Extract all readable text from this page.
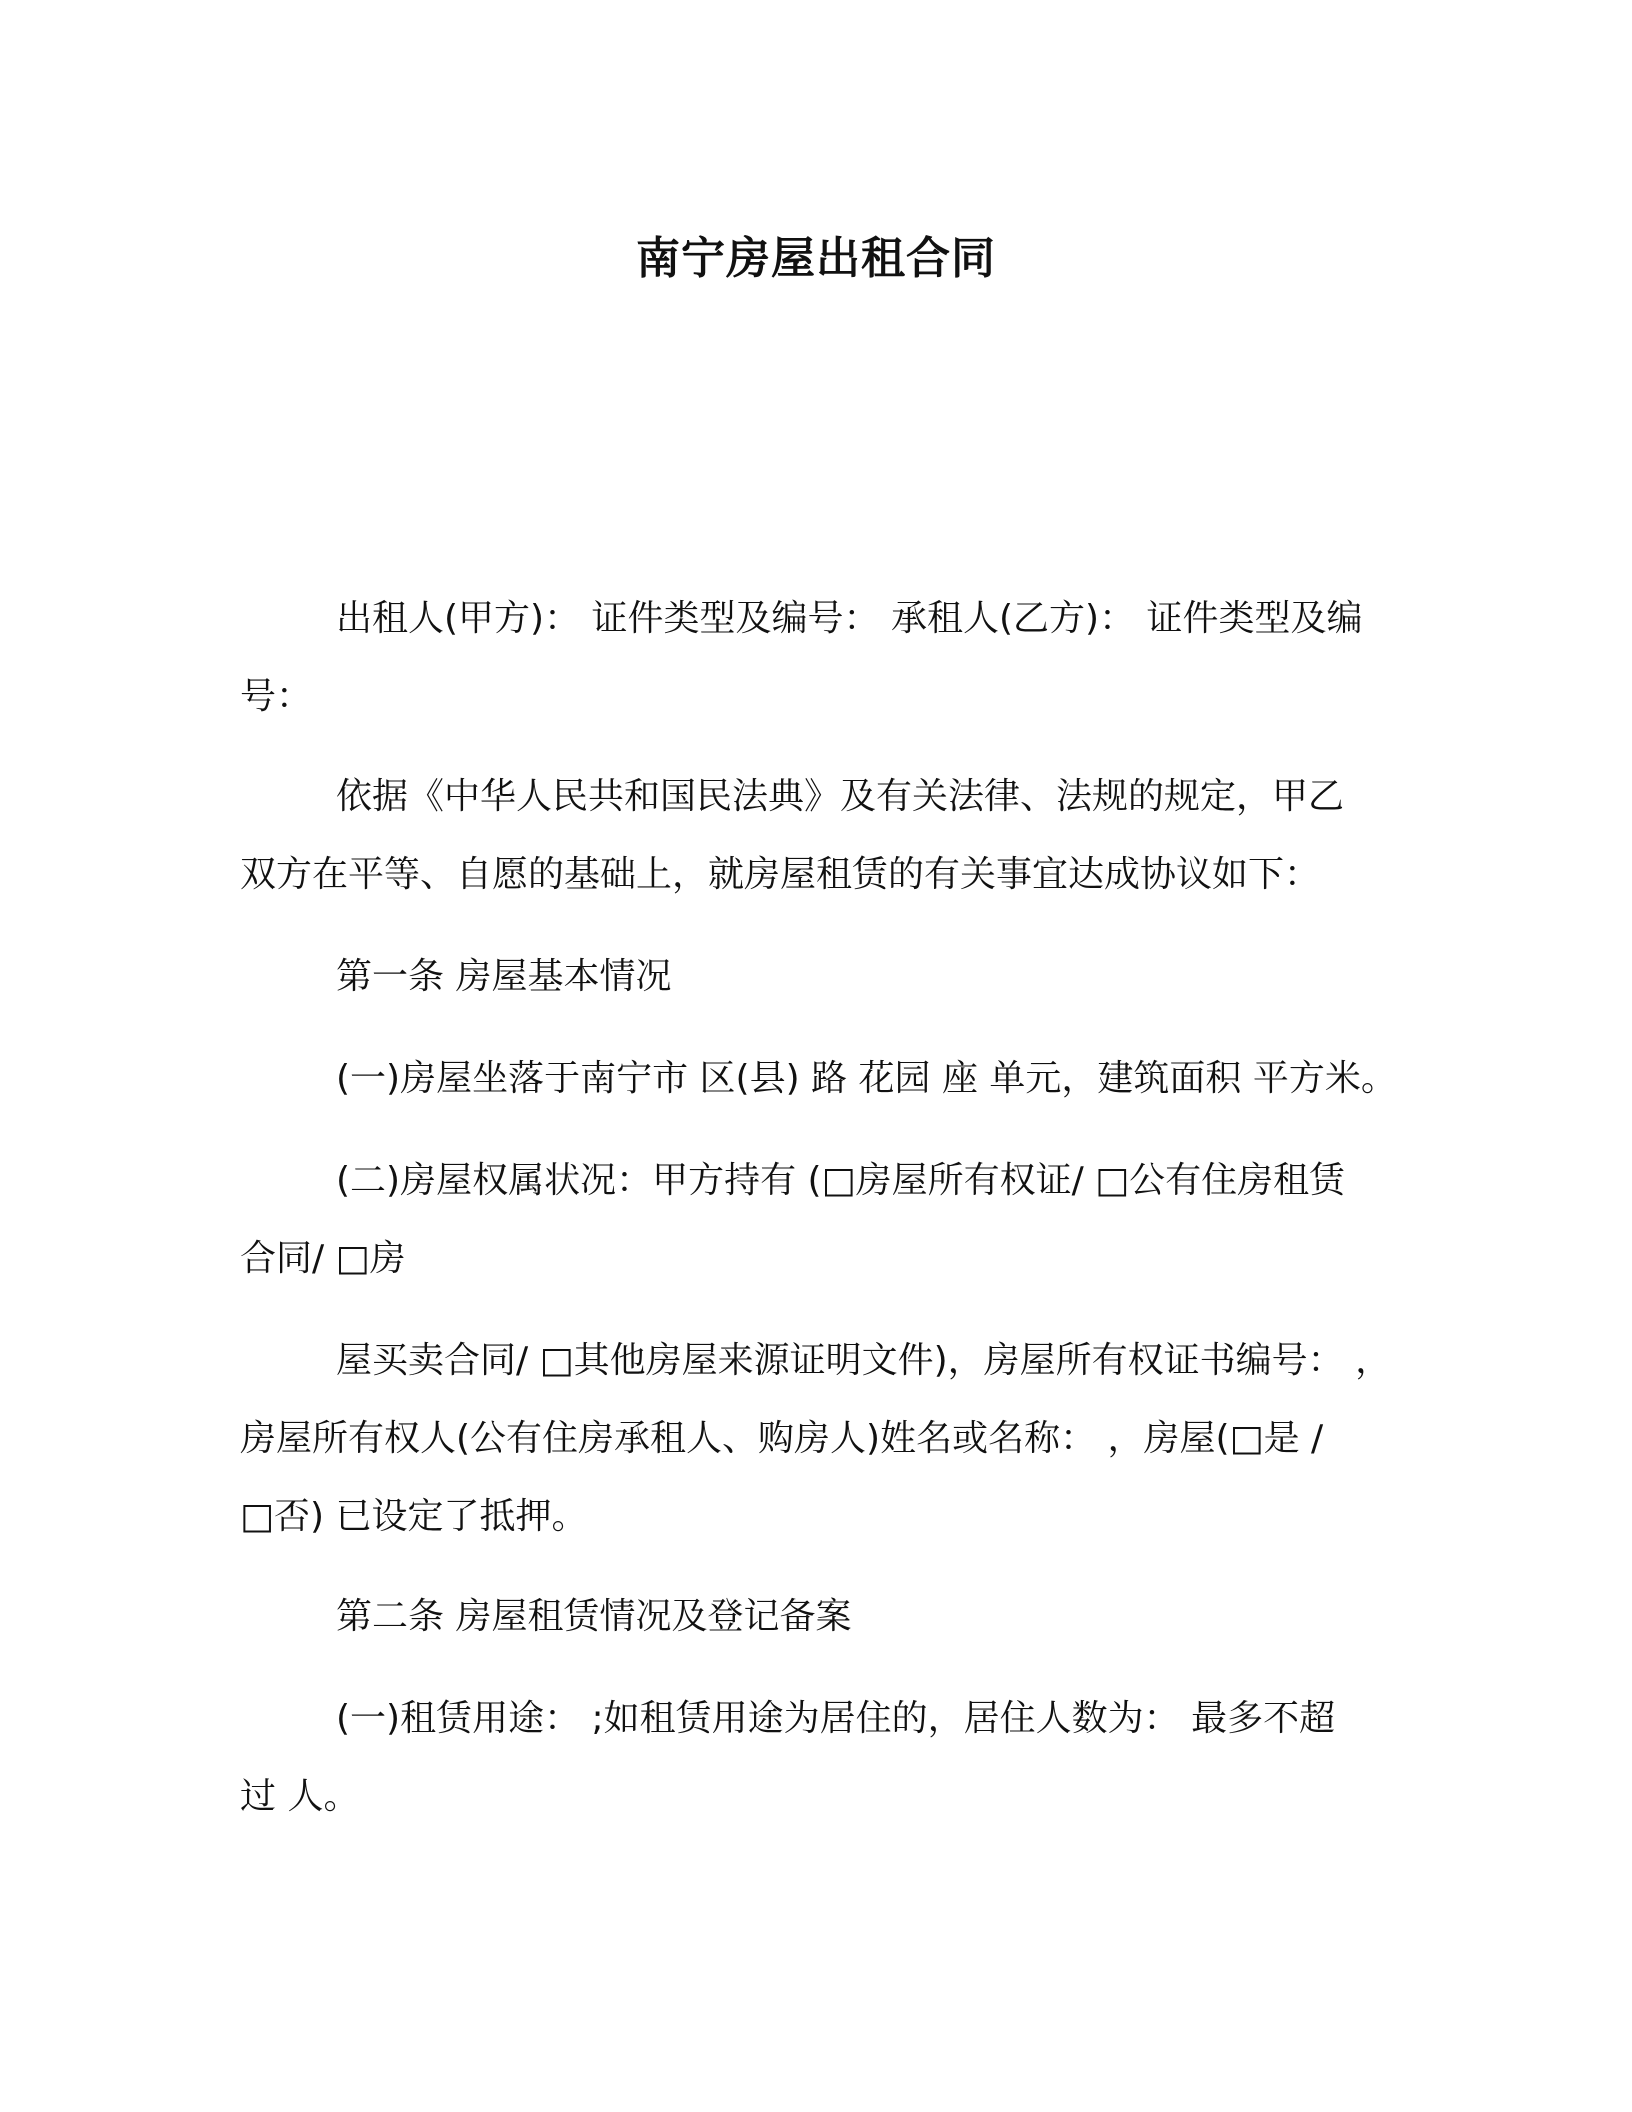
南宁房屋出租合同
出租人(甲方)： 证件类型及编号： 承租人(乙方)： 证件类型及编
号：
依据《中华人民共和国民法典》及有关法律、法规的规定，甲乙
双方在平等、自愿的基础上，就房屋租赁的有关事宜达成协议如下：
第一条 房屋基本情况
(一)房屋坐落于南宁市 区(县) 路 花园 座 单元，建筑面积 平方米。
(二)房屋权属状况：甲方持有 (□房屋所有权证/ □公有住房租赁
合同/ □房
屋买卖合同/ □其他房屋来源证明文件)，房屋所有权证书编号： ，
房屋所有权人(公有住房承租人、购房人)姓名或名称： ，房屋(□是 /
□否) 已设定了抵押。
第二条 房屋租赁情况及登记备案
(一)租赁用途： ;如租赁用途为居住的，居住人数为： 最多不超
过 人。
